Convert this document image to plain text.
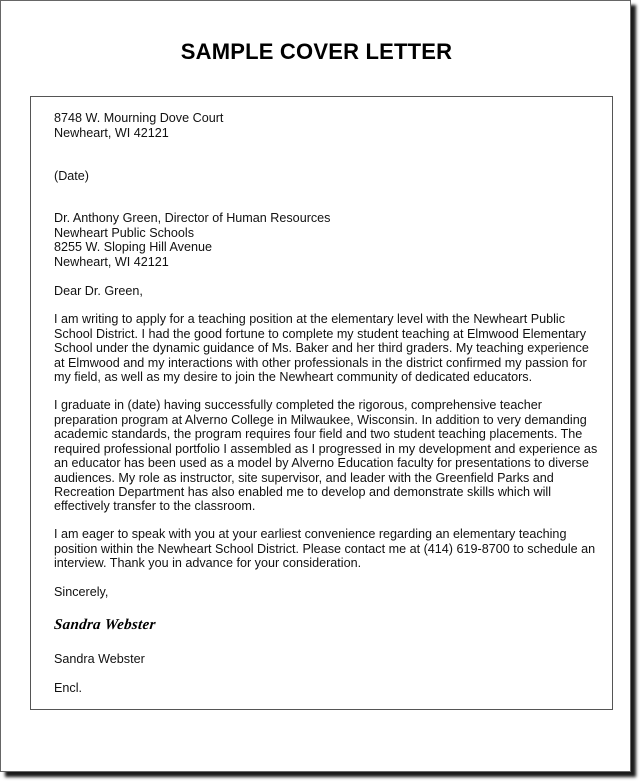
SAMPLE COVER LETTER
8748 W. Mourning Dove Court
Newheart, WI 42121
(Date)
Dr. Anthony Green, Director of Human Resources
Newheart Public Schools
8255 W. Sloping Hill Avenue
Newheart, WI 42121
Dear Dr. Green,
I am writing to apply for a teaching position at the elementary level with the Newheart Public
School District. I had the good fortune to complete my student teaching at Elmwood Elementary
School under the dynamic guidance of Ms. Baker and her third graders. My teaching experience
at Elmwood and my interactions with other professionals in the district confirmed my passion for
my field, as well as my desire to join the Newheart community of dedicated educators.
I graduate in (date) having successfully completed the rigorous, comprehensive teacher
preparation program at Alverno College in Milwaukee, Wisconsin. In addition to very demanding
academic standards, the program requires four field and two student teaching placements. The
required professional portfolio I assembled as I progressed in my development and experience as
an educator has been used as a model by Alverno Education faculty for presentations to diverse
audiences. My role as instructor, site supervisor, and leader with the Greenfield Parks and
Recreation Department has also enabled me to develop and demonstrate skills which will
effectively transfer to the classroom.
I am eager to speak with you at your earliest convenience regarding an elementary teaching
position within the Newheart School District. Please contact me at (414) 619-8700 to schedule an
interview. Thank you in advance for your consideration.
Sincerely,
Sandra Webster
Sandra Webster
Encl.
